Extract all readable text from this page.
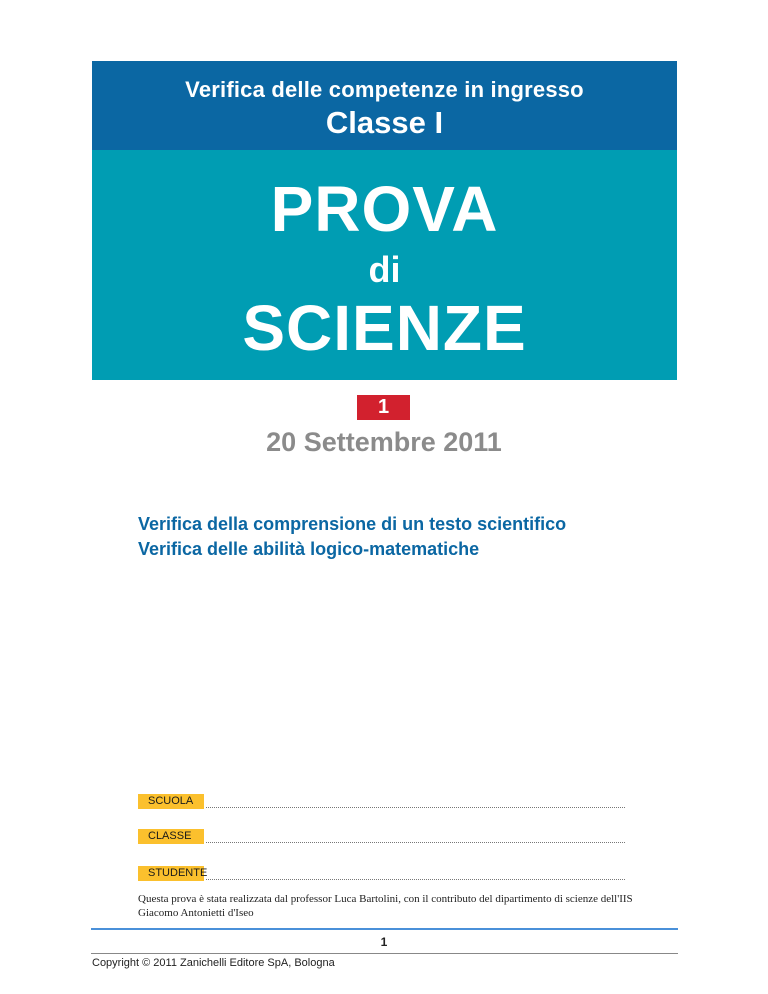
Verifica delle competenze in ingresso
Classe I
PROVA
di
SCIENZE
1
20 Settembre 2011
Verifica della comprensione di un testo scientifico
Verifica delle abilità logico-matematiche
SCUOLA
CLASSE
STUDENTE
Questa prova è stata realizzata dal professor Luca Bartolini, con il contributo del dipartimento di scienze dell'IIS Giacomo Antonietti d'Iseo
1
Copyright © 2011 Zanichelli Editore SpA, Bologna
